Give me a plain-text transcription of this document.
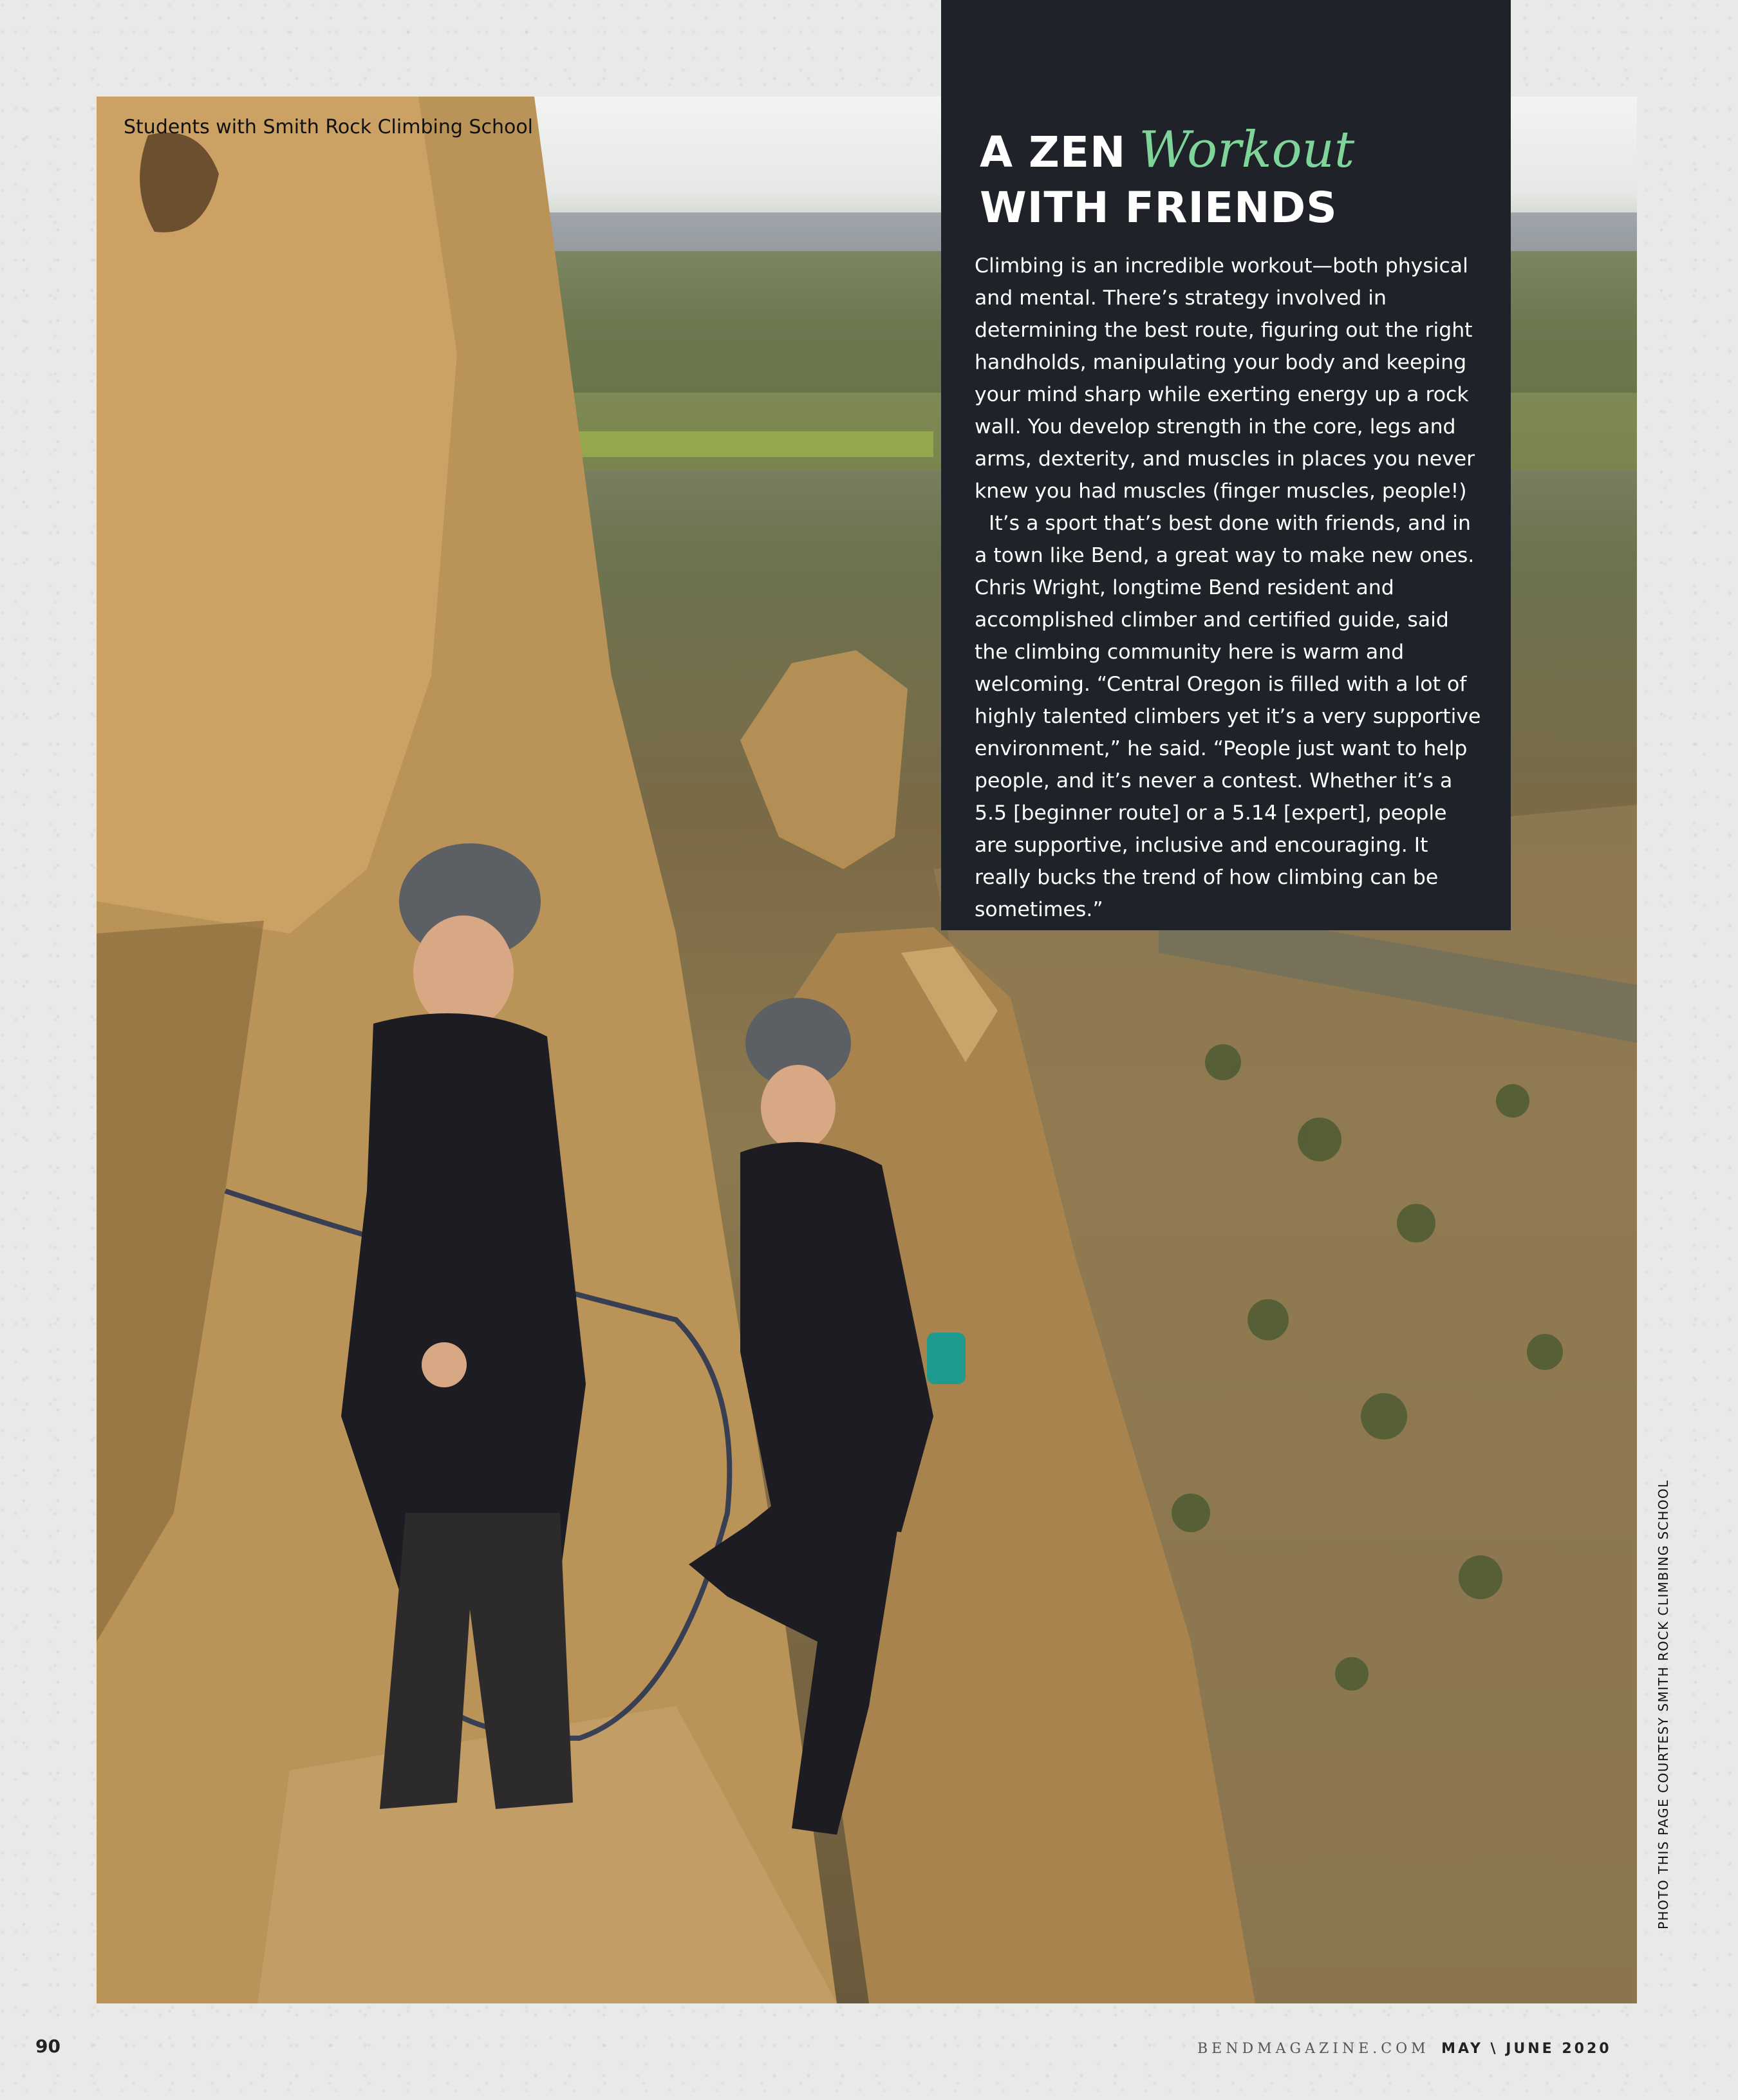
Students with Smith Rock Climbing School
A ZEN Workout
WITH FRIENDS

Climbing is an incredible workout—both physical and mental. There’s strategy involved in determining the best route, figuring out the right handholds, manipulating your body and keeping your mind sharp while exerting energy up a rock wall. You develop strength in the core, legs and arms, dexterity, and muscles in places you never knew you had muscles (finger muscles, people!)

It’s a sport that’s best done with friends, and in a town like Bend, a great way to make new ones. Chris Wright, longtime Bend resident and accomplished climber and certified guide, said the climbing community here is warm and welcoming. “Central Oregon is filled with a lot of highly talented climbers yet it’s a very supportive environment,” he said. “People just want to help people, and it’s never a contest. Whether it’s a 5.5 [beginner route] or a 5.14 [expert], people are supportive, inclusive and encouraging. It really bucks the trend of how climbing can be sometimes.”

PHOTO THIS PAGE COURTESY SMITH ROCK CLIMBING SCHOOL
90	BENDMAGAZINE.COM MAY \ JUNE 2020
